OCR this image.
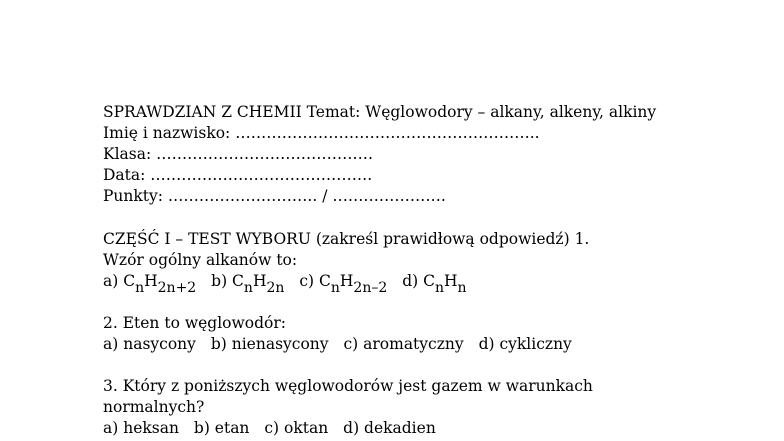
SPRAWDZIAN Z CHEMII Temat: Węglowodory – alkany, alkeny, alkiny
Imię i nazwisko: …………………………………………………..
Klasa: ……………………………………
Data: …………………………………….
Punkty: ……………………….. / ………………….
CZĘŚĆ I – TEST WYBORU (zakreśl prawidłową odpowiedź) 1. Wzór ogólny alkanów to:
a) $C_nH_{2n+2}$ b) $C_nH_{2n}$ c) $C_nH_{2n-2}$ d) $C_nH_n$
2. Eten to węglowodór:
a) nasycony b) nienasycony c) aromatyczny d) cykliczny
3. Który z poniższych węglowodorów jest gazem w warunkach normalnych?
a) heksan b) etan c) oktan d) dekadien
